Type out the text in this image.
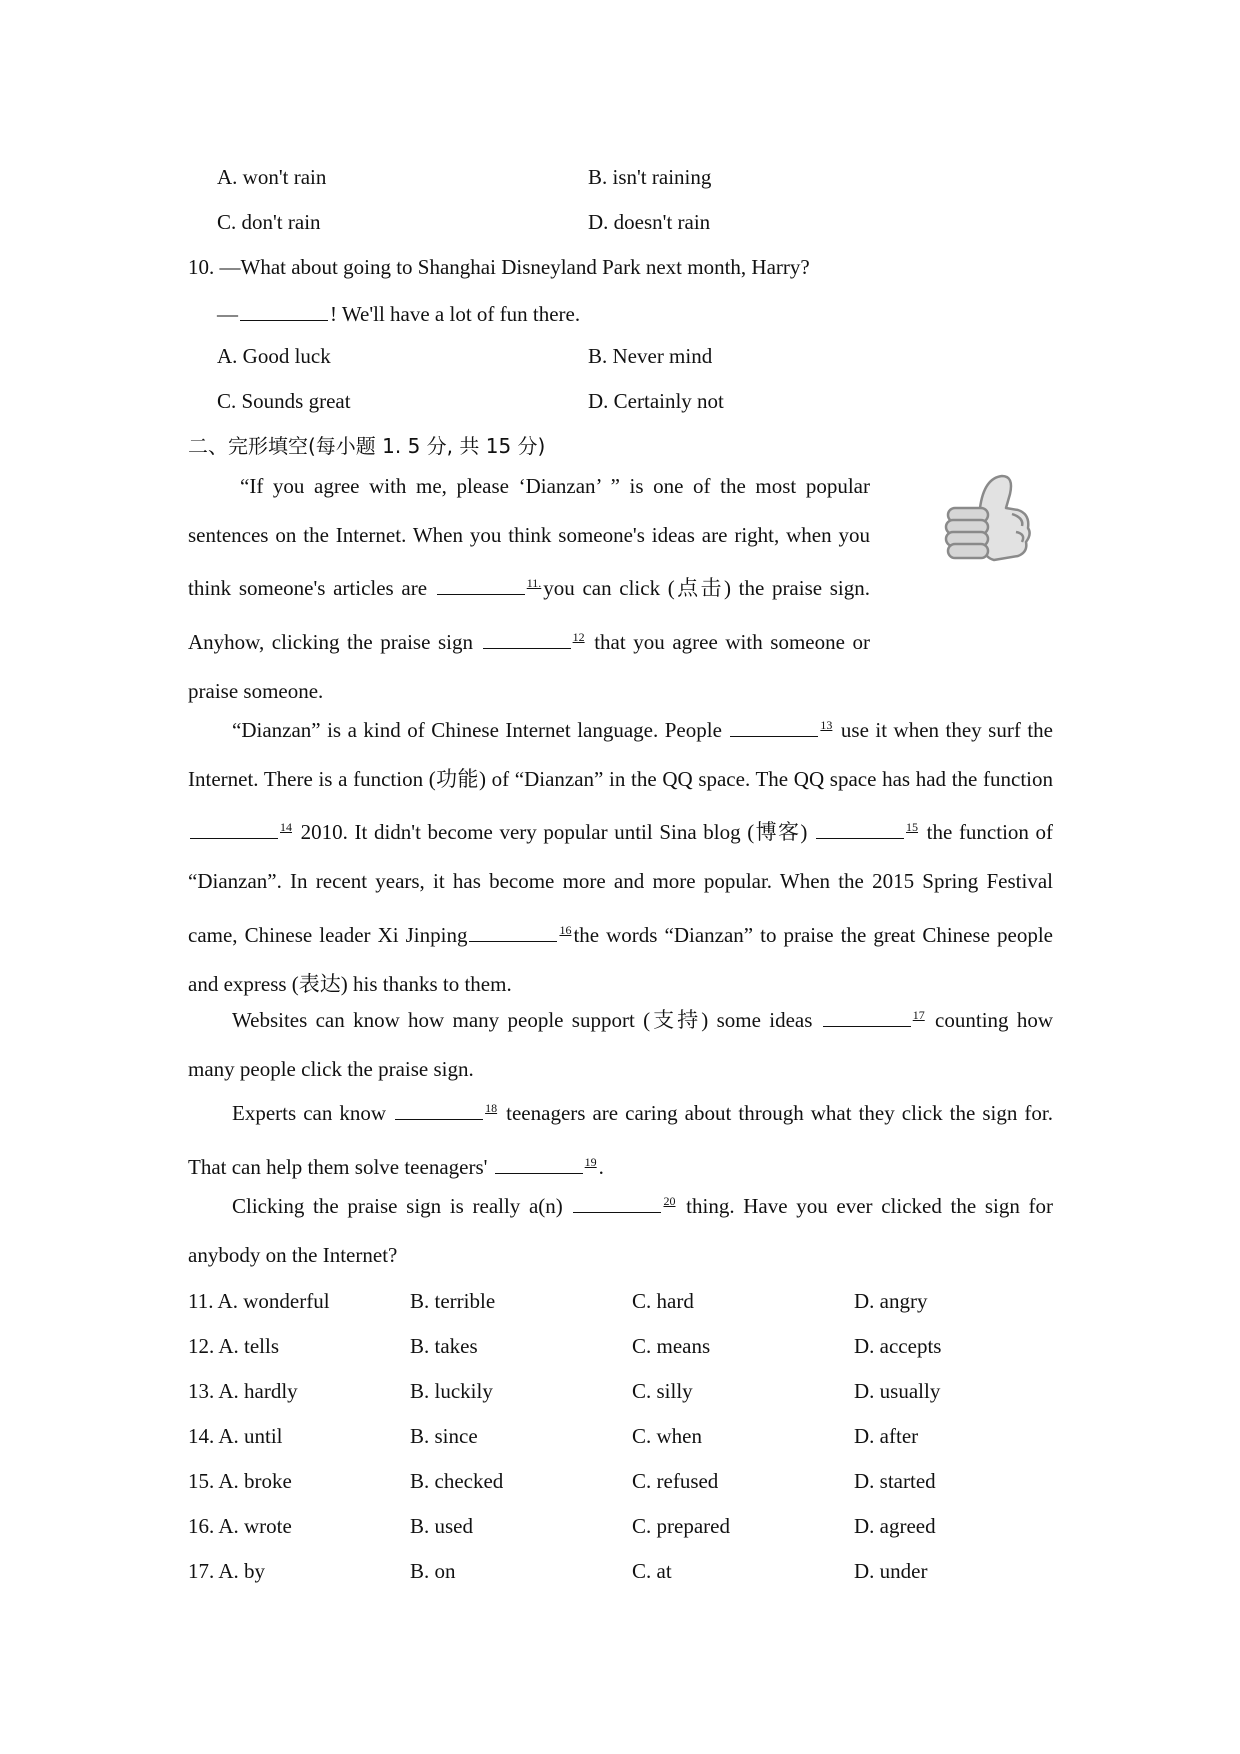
A. won't rain	B. isn't raining
C. don't rain	D. doesn't rain
10. —What about going to Shanghai Disneyland Park next month, Harry?
—	! We'll have a lot of fun there.
A. Good luck	B. Never mind
C. Sounds great	D. Certainly not
二、完形填空(每小题 1. 5 分, 共 15 分)

“If you agree with me, please ‘Dianzan’ ” is one of the most popular sentences on the Internet. When you think someone's ideas are right, when you think someone's articles are	$^{11.}$you can click (点击) the praise sign. Anyhow, clicking the praise sign	$^{12}$ that you agree with someone or praise someone.

“Dianzan” is a kind of Chinese Internet language. People	$^{13}$ use it when they surf the Internet. There is a function (功能) of “Dianzan” in the QQ space. The QQ space has had the function $^{14}$ 2010. It didn't become very popular until Sina blog (博客)	$^{15}$ the function of “Dianzan”. In recent years, it has become more and more popular. When the 2015 Spring Festival came, Chinese leader Xi Jinping	$^{16}$the words “Dianzan” to praise the great Chinese people and express (表达) his thanks to them.

Websites can know how many people support (支持) some ideas	$^{17}$ counting how many people click the praise sign.

Experts can know	$^{18}$ teenagers are caring about through what they click the sign for. That can help them solve teenagers'	$^{19}$.

Clicking the praise sign is really a(n)	$^{20}$ thing. Have you ever clicked the sign for anybody on the Internet?

11. A. wonderful	B. terrible	C. hard	D. angry
12. A. tells	B. takes	C. means	D. accepts
13. A. hardly	B. luckily	C. silly	D. usually
14. A. until	B. since	C. when	D. after
15. A. broke	B. checked	C. refused	D. started
16. A. wrote	B. used	C. prepared	D. agreed
17. A. by	B. on	C. at	D. under
